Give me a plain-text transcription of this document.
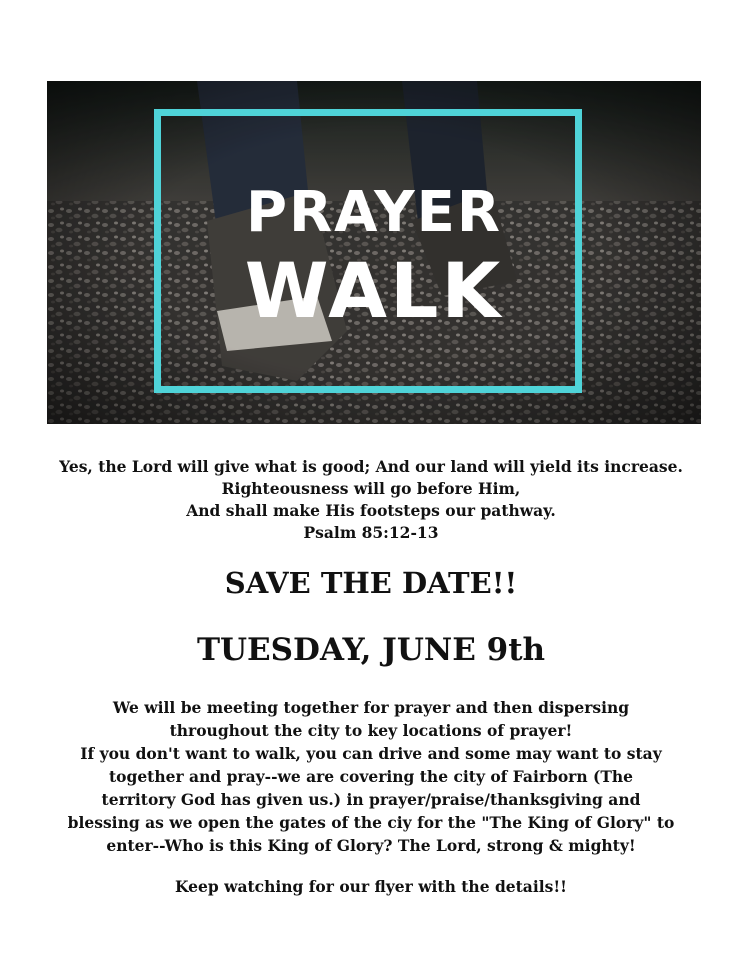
PRAYER
WALK
Yes, the Lord will give what is good; And our land will yield its increase.
Righteousness will go before Him,
And shall make His footsteps our pathway.
Psalm 85:12-13
SAVE THE DATE!!
TUESDAY, JUNE 9th
We will be meeting together for prayer and then dispersing
throughout the city to key locations of prayer!
If you don't want to walk, you can drive and some may want to stay
together and pray--we are covering the city of Fairborn (The
territory God has given us.) in prayer/praise/thanksgiving and
blessing as we open the gates of the ciy for the "The King of Glory" to
enter--Who is this King of Glory? The Lord, strong & mighty!
Keep watching for our flyer with the details!!
